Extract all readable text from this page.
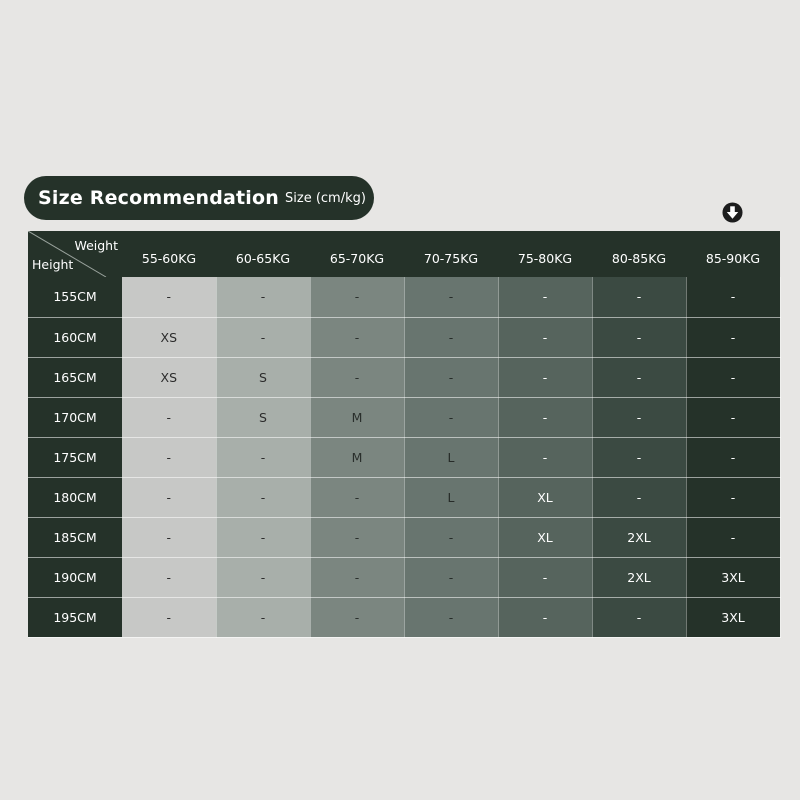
Size Recommendation Size (cm/kg)
Weight
Height	55-60KG	60-65KG	65-70KG	70-75KG	75-80KG	80-85KG	85-90KG
155CM	-	-	-	-	-	-	-
160CM	XS	-	-	-	-	-	-
165CM	XS	S	-	-	-	-	-
170CM	-	S	M	-	-	-	-
175CM	-	-	M	L	-	-	-
180CM	-	-	-	L	XL	-	-
185CM	-	-	-	-	XL	2XL	-
190CM	-	-	-	-	-	2XL	3XL
195CM	-	-	-	-	-	-	3XL
